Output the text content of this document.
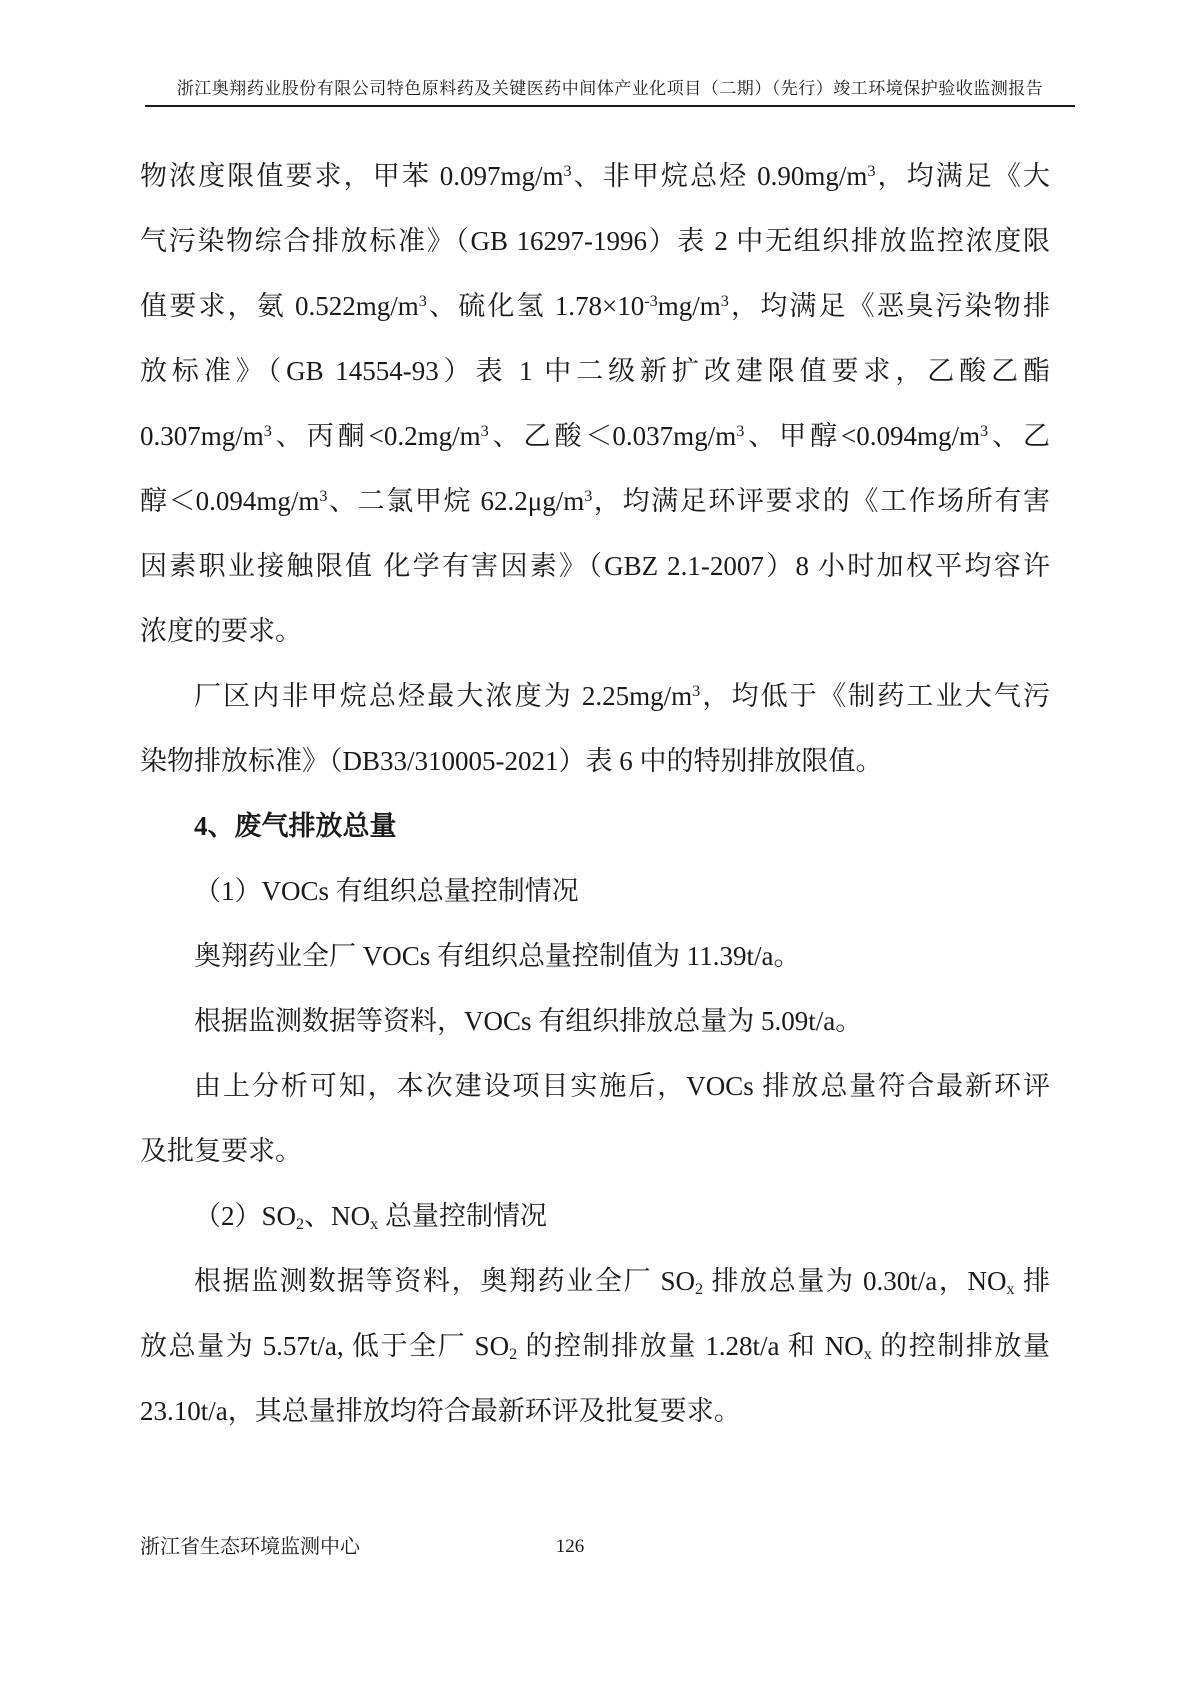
浙江奥翔药业股份有限公司特色原料药及关键医药中间体产业化项目（二期）（先行）竣工环境保护验收监测报告
物浓度限值要求，甲苯 $0.097mg/m^3$、非甲烷总烃 $0.90mg/m^3$，均满足《大
气污染物综合排放标准》（GB 16297-1996）表 2 中无组织排放监控浓度限
值要求，氨 $0.522mg/m^3$、硫化氢 $1.78\times 10^{-3}mg/m^3$，均满足《恶臭污染物排
放标准》（GB 14554-93）表 1 中二级新扩改建限值要求，乙酸乙酯
$0.307mg/m^3$、丙酮$<0.2mg/m^3$、乙酸$<0.037mg/m^3$、甲醇$<0.094mg/m^3$、乙
醇$<0.094mg/m^3$、二氯甲烷 $62.2\mu g/m^3$，均满足环评要求的《工作场所有害
因素职业接触限值 化学有害因素》（GBZ 2.1-2007）8 小时加权平均容许
浓度的要求。
厂区内非甲烷总烃最大浓度为 $2.25mg/m^3$，均低于《制药工业大气污
染物排放标准》（DB33/310005-2021）表 6 中的特别排放限值。
4、废气排放总量
（1）VOCs 有组织总量控制情况
奥翔药业全厂 VOCs 有组织总量控制值为 11.39t/a。
根据监测数据等资料，VOCs 有组织排放总量为 5.09t/a。
由上分析可知，本次建设项目实施后，VOCs 排放总量符合最新环评
及批复要求。
$(2)SO_2$、$NO_x$ 总量控制情况
根据监测数据等资料，奥翔药业全厂 $SO_2$ 排放总量为 0.30t/a，$NO_x$ 排
放总量为 5.57t/a, 低于全厂 $SO_2$ 的控制排放量 1.28t/a 和 $NO_x$ 的控制排放量
23.10t/a，其总量排放均符合最新环评及批复要求。
浙江省生态环境监测中心	126
